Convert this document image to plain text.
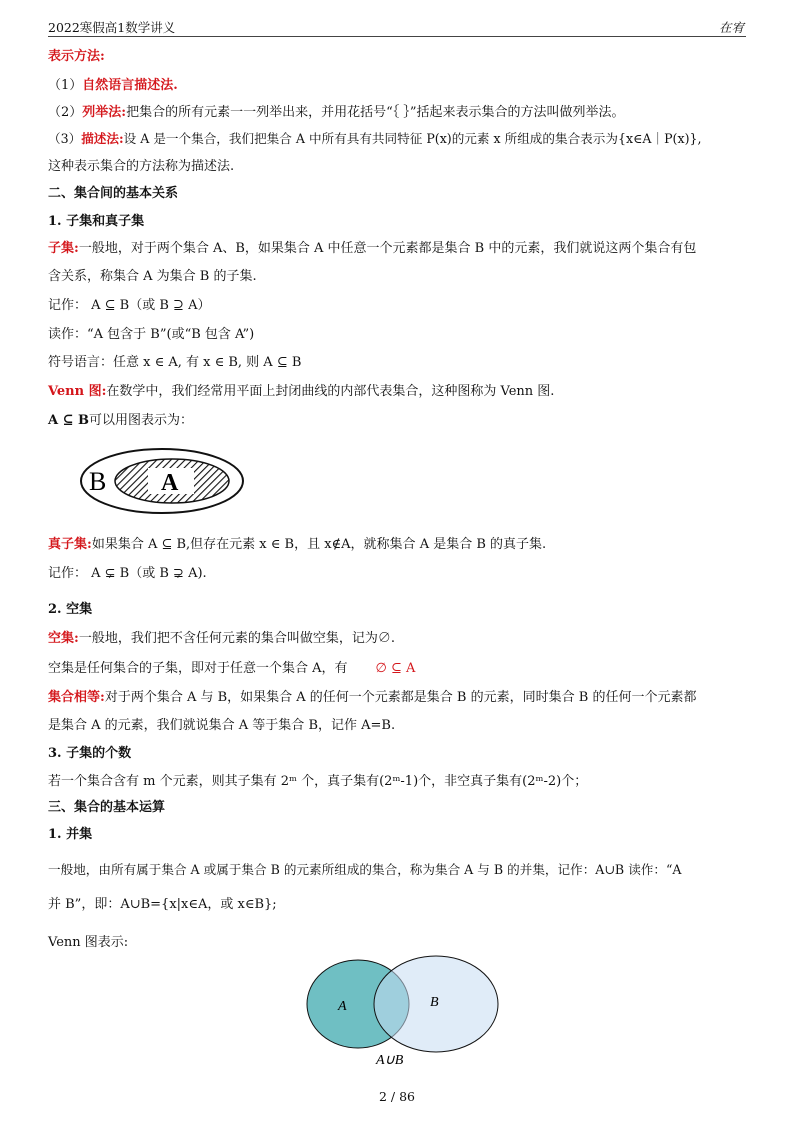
2022寒假高1数学讲义	在宥
表示方法:
（1）自然语言描述法.
（2）列举法:把集合的所有元素一一列举出来，并用花括号“｛ ｝”括起来表示集合的方法叫做列举法。
（3）描述法:设 A 是一个集合，我们把集合 A 中所有具有共同特征 P(x)的元素 x 所组成的集合表示为{x∈A｜P(x)},
这种表示集合的方法称为描述法.
二、集合间的基本关系
1. 子集和真子集
子集:一般地，对于两个集合 A、B，如果集合 A 中任意一个元素都是集合 B 中的元素，我们就说这两个集合有包
含关系，称集合 A 为集合 B 的子集.
记作： A ⊆ B（或 B ⊇ A）
读作：“A 包含于 B”(或“B 包含 A”)
符号语言：任意 x ∈ A, 有 x ∈ B, 则 A ⊆ B
Venn 图:在数学中，我们经常用平面上封闭曲线的内部代表集合，这种图称为 Venn 图.
A ⊆ B可以用图表示为：
B A
真子集:如果集合 A ⊆ B,但存在元素 x ∈ B，且 x∉A，就称集合 A 是集合 B 的真子集.
记作： A ⊊ B（或 B ⊋ A).
2. 空集
空集:一般地，我们把不含任何元素的集合叫做空集，记为∅.
空集是任何集合的子集，即对于任意一个集合 A，有 ∅ ⊆ A
集合相等:对于两个集合 A 与 B，如果集合 A 的任何一个元素都是集合 B 的元素，同时集合 B 的任何一个元素都
是集合 A 的元素，我们就说集合 A 等于集合 B，记作 A=B.
3. 子集的个数
若一个集合含有 m 个元素，则其子集有 2ᵐ 个，真子集有(2ᵐ-1)个，非空真子集有(2ᵐ-2)个；
三、集合的基本运算
1. 并集
一般地，由所有属于集合 A 或属于集合 B 的元素所组成的集合，称为集合 A 与 B 的并集，记作：A∪B 读作：“A
并 B”，即：A∪B={x|x∈A，或 x∈B};
Venn 图表示:
A	B
A∪B
2 / 86
